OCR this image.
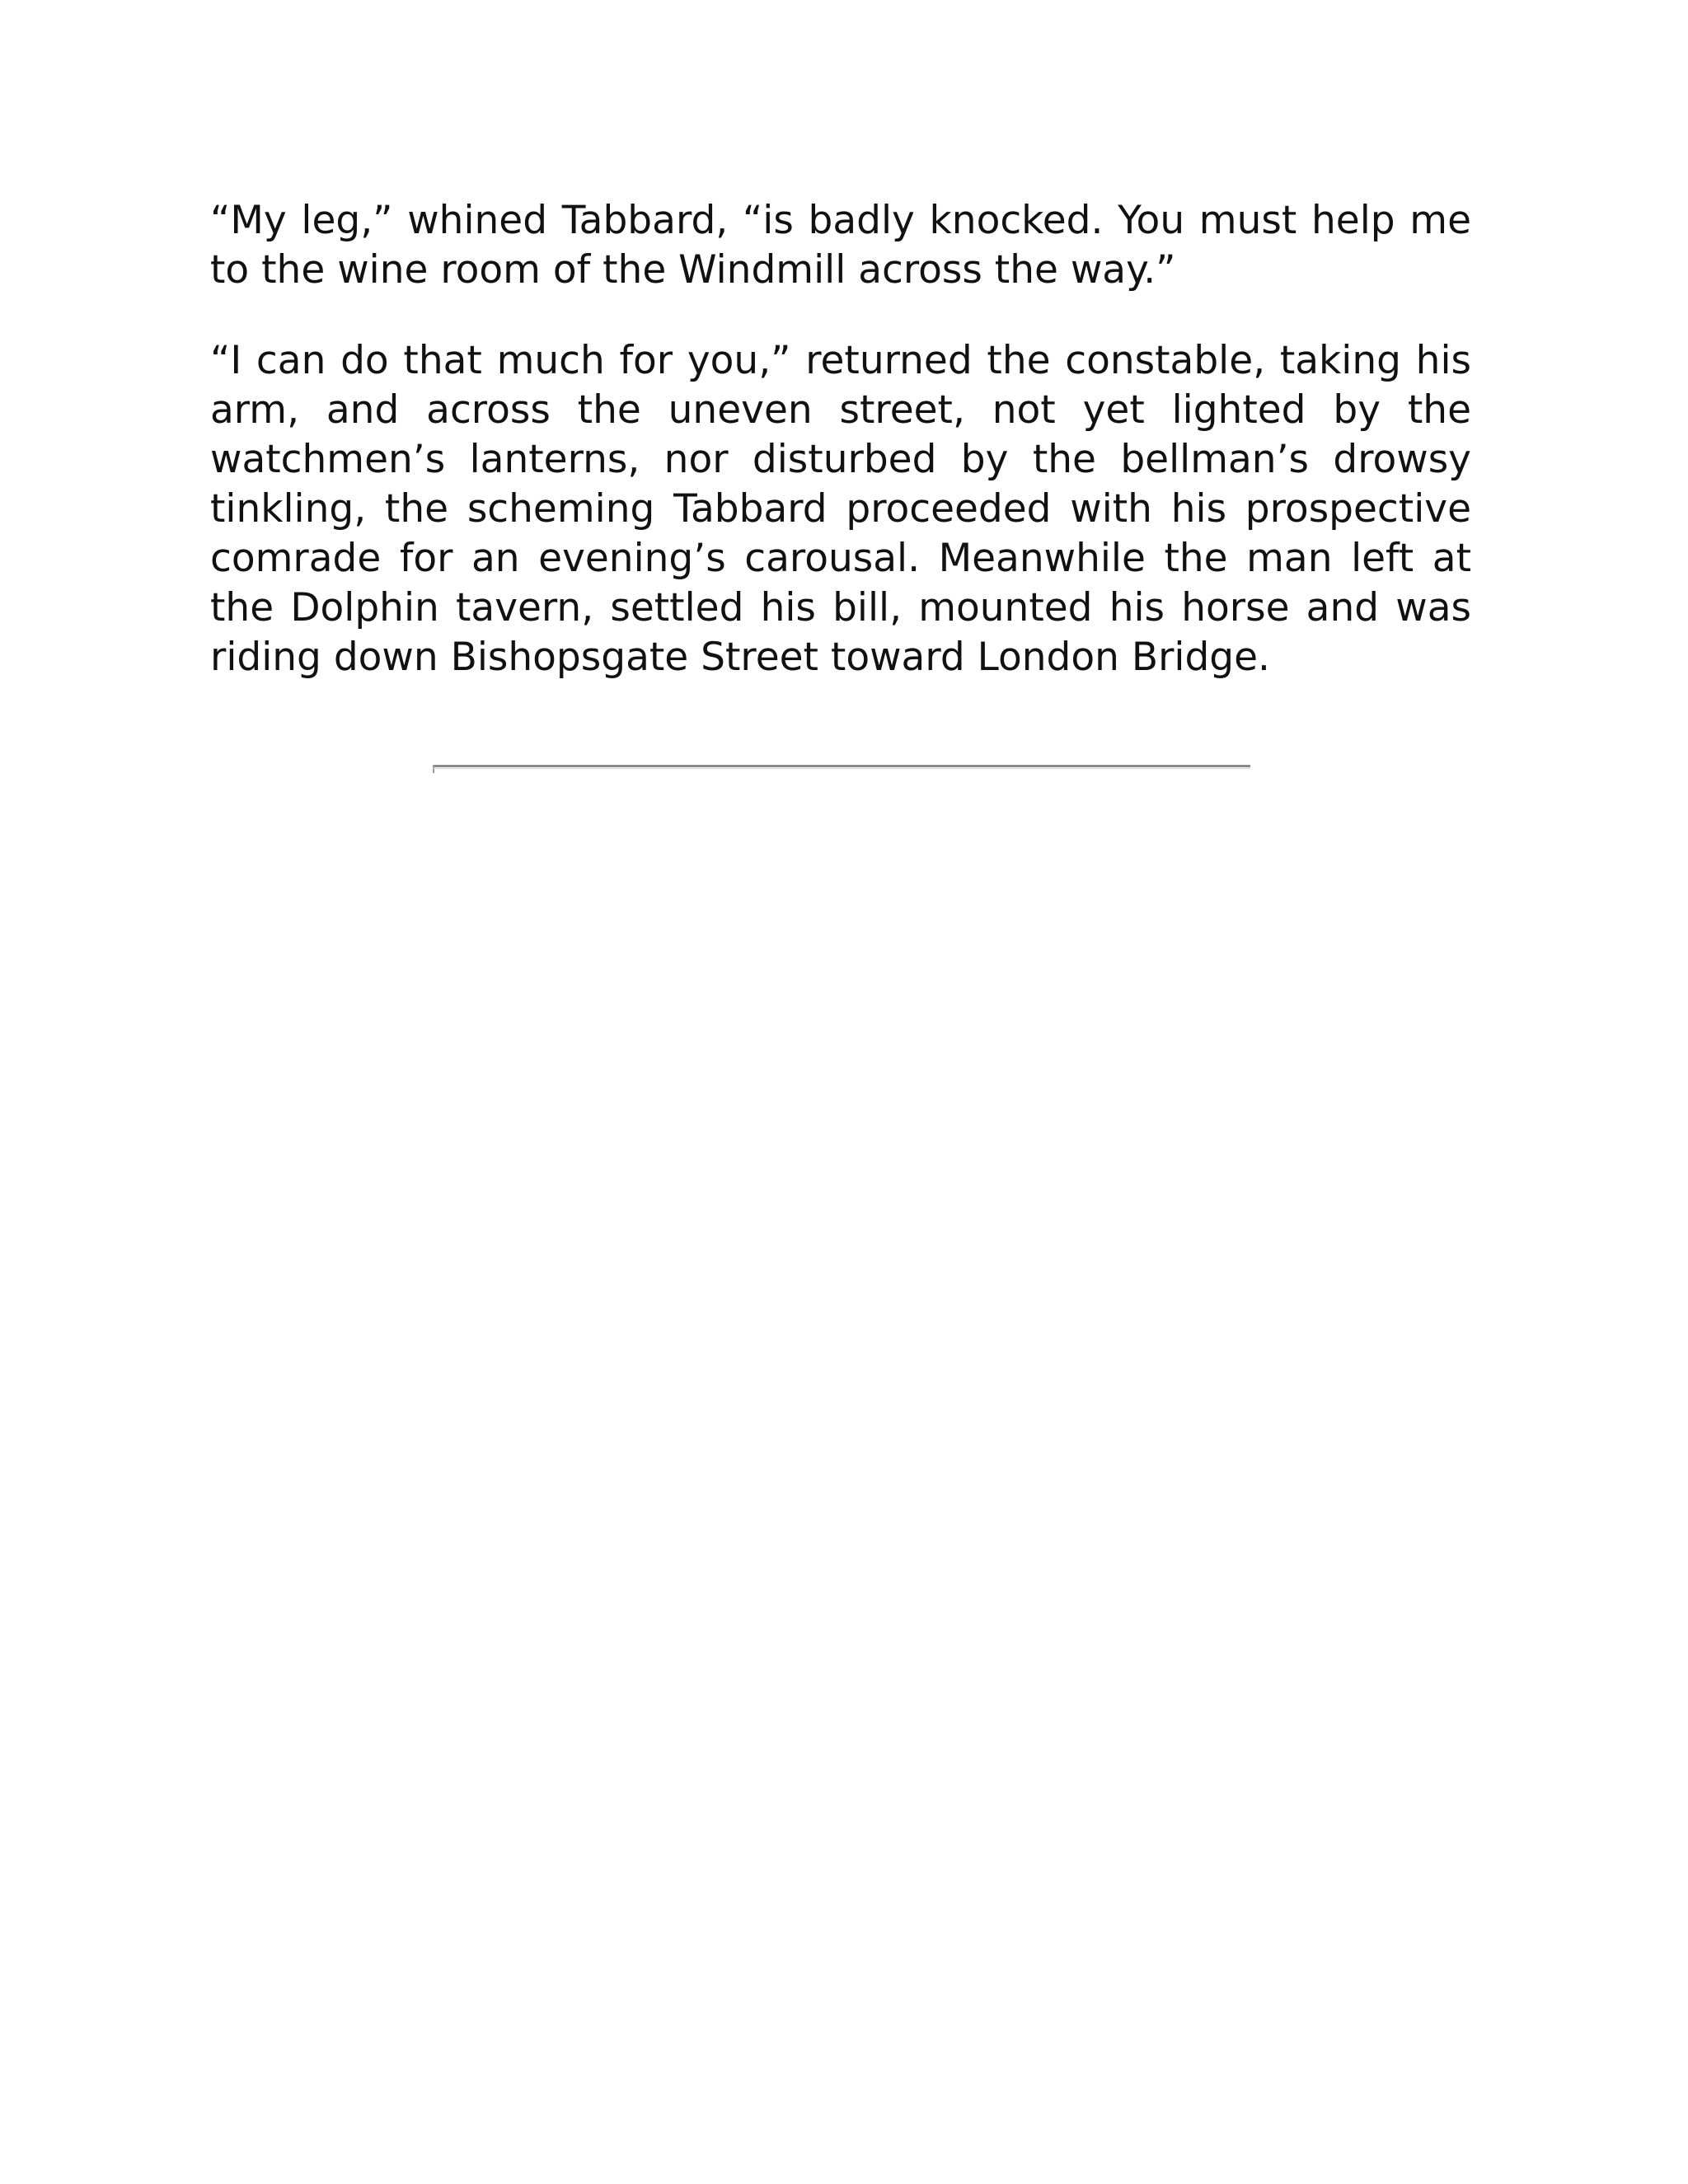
“My leg,” whined Tabbard, “is badly knocked. You must help me to the wine room of the Windmill across the way.”

“I can do that much for you,” returned the constable, taking his arm, and across the uneven street, not yet lighted by the watchmen’s lanterns, nor disturbed by the bellman’s drowsy tinkling, the scheming Tabbard proceeded with his prospective comrade for an evening’s carousal. Meanwhile the man left at the Dolphin tavern, settled his bill, mounted his horse and was riding down Bishopsgate Street toward London Bridge.
